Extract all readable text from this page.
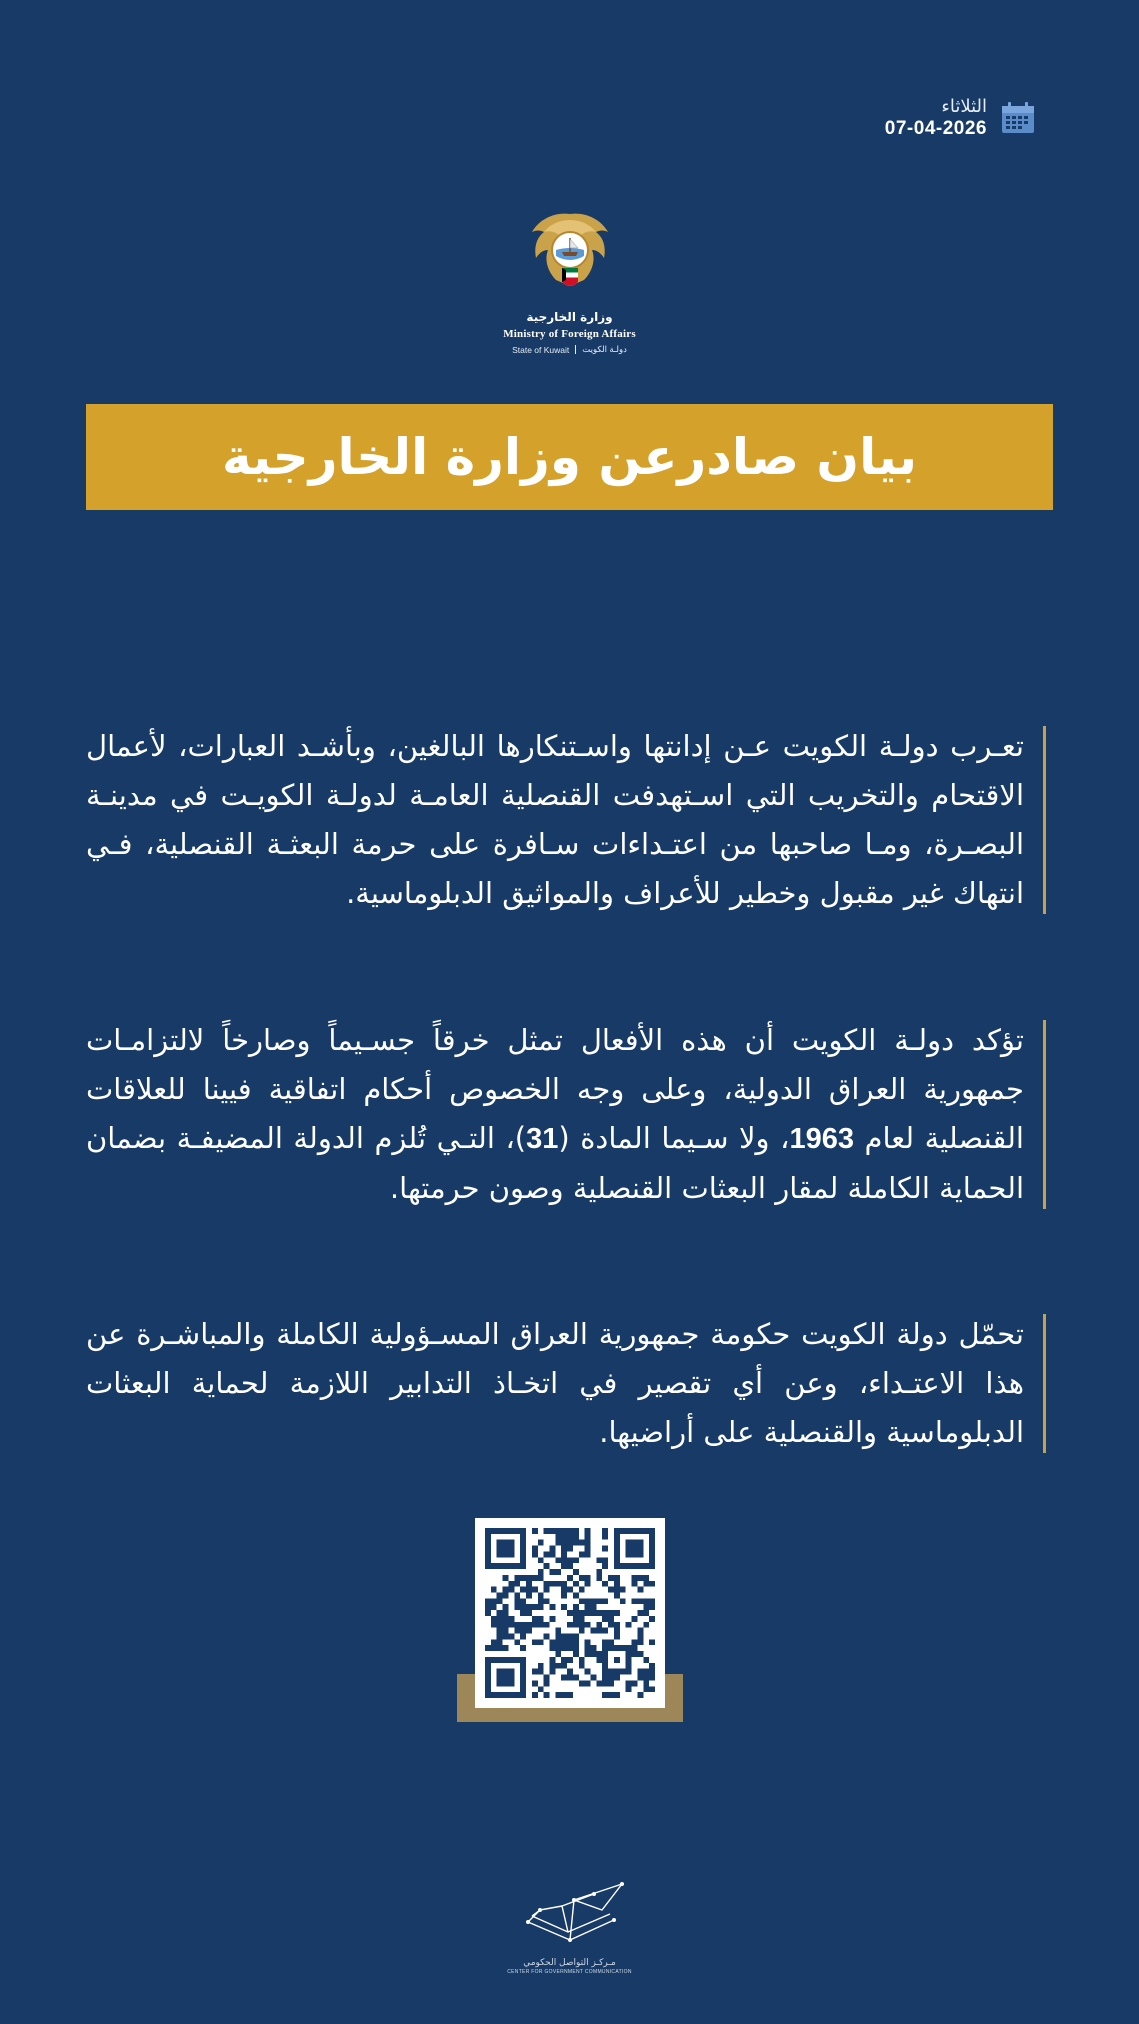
الثلاثاء
07-04-2026
وزارة الخارجية
Ministry of Foreign Affairs
State of Kuwait دولـة الكويت
بيان صادرعن وزارة الخارجية
تعـرب دولـة الكويت عـن إدانتها واسـتنكارها البالغين، وبأشـد العبارات، لأعمال الاقتحام والتخريب التي اسـتهدفت القنصلية العامـة لدولـة الكويـت في مدينـة البصـرة، ومـا صاحبها من اعتـداءات سـافرة على حرمة البعثـة القنصلية، فـي انتهاك غير مقبول وخطير للأعراف والمواثيق الدبلوماسية.
تؤكد دولـة الكويت أن هذه الأفعال تمثل خرقاً جسـيماً وصارخاً لالتزامـات جمهورية العراق الدولية، وعلى وجه الخصوص أحكام اتفاقية فيينا للعلاقات القنصلية لعام 1963، ولا سـيما المادة (31)، التـي تُلزم الدولة المضيفـة بضمان الحماية الكاملة لمقار البعثات القنصلية وصون حرمتها.
تحمّل دولة الكويت حكومة جمهورية العراق المسـؤولية الكاملة والمباشـرة عن هذا الاعتـداء، وعن أي تقصير في اتخـاذ التدابير اللازمة لحماية البعثات الدبلوماسية والقنصلية على أراضيها.
مـركـز التواصل الحكومي
CENTER FOR GOVERNMENT COMMUNICATION
